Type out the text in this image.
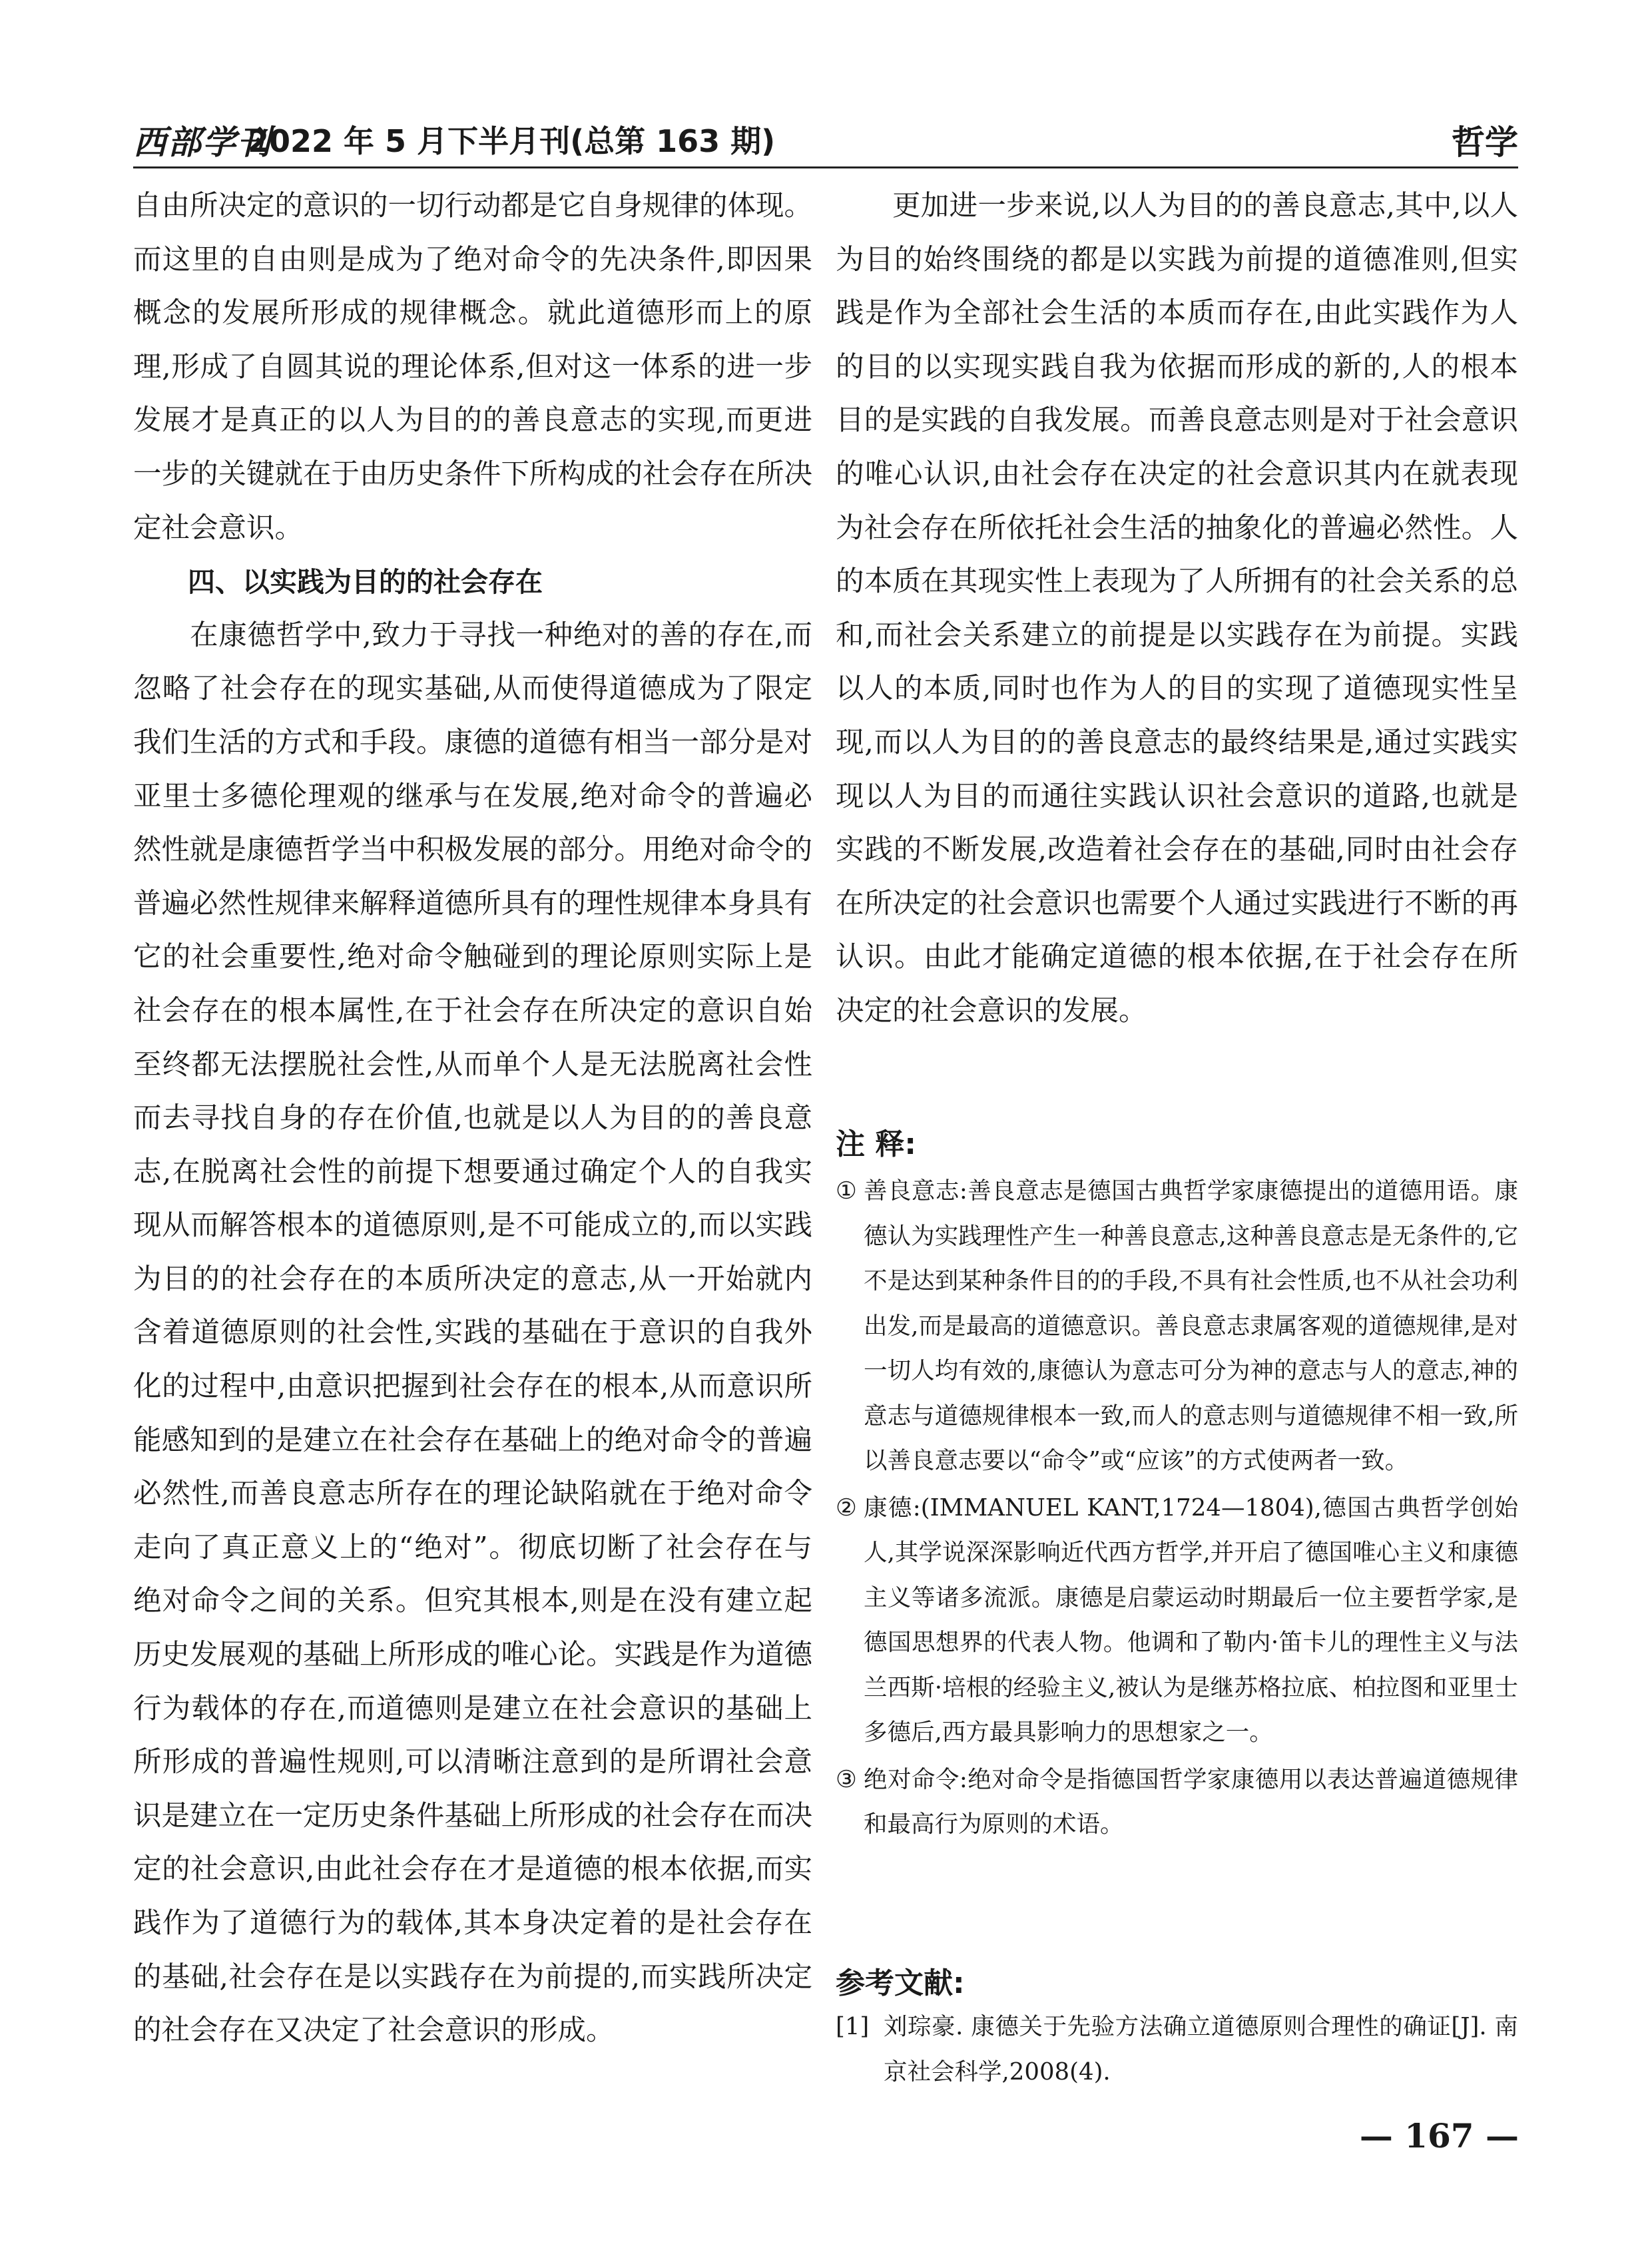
西部学刊
2022 年 5 月下半月刊(总第 163 期)	哲学

自由所决定的意识的一切行动都是它自身规律的体现。而这里的自由则是成为了绝对命令的先决条件,即因果概念的发展所形成的规律概念。就此道德形而上的原理,形成了自圆其说的理论体系,但对这一体系的进一步发展才是真正的以人为目的的善良意志的实现,而更进一步的关键就在于由历史条件下所构成的社会存在所决定社会意识。

四、以实践为目的的社会存在

在康德哲学中,致力于寻找一种绝对的善的存在,而忽略了社会存在的现实基础,从而使得道德成为了限定我们生活的方式和手段。康德的道德有相当一部分是对亚里士多德伦理观的继承与在发展,绝对命令的普遍必然性就是康德哲学当中积极发展的部分。用绝对命令的普遍必然性规律来解释道德所具有的理性规律本身具有它的社会重要性,绝对命令触碰到的理论原则实际上是社会存在的根本属性,在于社会存在所决定的意识自始至终都无法摆脱社会性,从而单个人是无法脱离社会性而去寻找自身的存在价值,也就是以人为目的的善良意志,在脱离社会性的前提下想要通过确定个人的自我实现从而解答根本的道德原则,是不可能成立的,而以实践为目的的社会存在的本质所决定的意志,从一开始就内含着道德原则的社会性,实践的基础在于意识的自我外化的过程中,由意识把握到社会存在的根本,从而意识所能感知到的是建立在社会存在基础上的绝对命令的普遍必然性,而善良意志所存在的理论缺陷就在于绝对命令走向了真正意义上的“绝对”。彻底切断了社会存在与绝对命令之间的关系。但究其根本,则是在没有建立起历史发展观的基础上所形成的唯心论。实践是作为道德行为载体的存在,而道德则是建立在社会意识的基础上所形成的普遍性规则,可以清晰注意到的是所谓社会意识是建立在一定历史条件基础上所形成的社会存在而决定的社会意识,由此社会存在才是道德的根本依据,而实践作为了道德行为的载体,其本身决定着的是社会存在的基础,社会存在是以实践存在为前提的,而实践所决定的社会存在又决定了社会意识的形成。

更加进一步来说,以人为目的的善良意志,其中,以人为目的始终围绕的都是以实践为前提的道德准则,但实践是作为全部社会生活的本质而存在,由此实践作为人的目的以实现实践自我为依据而形成的新的,人的根本目的是实践的自我发展。而善良意志则是对于社会意识的唯心认识,由社会存在决定的社会意识其内在就表现为社会存在所依托社会生活的抽象化的普遍必然性。人的本质在其现实性上表现为了人所拥有的社会关系的总和,而社会关系建立的前提是以实践存在为前提。实践以人的本质,同时也作为人的目的实现了道德现实性呈现,而以人为目的的善良意志的最终结果是,通过实践实现以人为目的而通往实践认识社会意识的道路,也就是实践的不断发展,改造着社会存在的基础,同时由社会存在所决定的社会意识也需要个人通过实践进行不断的再认识。由此才能确定道德的根本依据,在于社会存在所决定的社会意识的发展。

注 释:
① 善良意志:善良意志是德国古典哲学家康德提出的道德用语。康德认为实践理性产生一种善良意志,这种善良意志是无条件的,它不是达到某种条件目的的手段,不具有社会性质,也不从社会功利出发,而是最高的道德意识。善良意志隶属客观的道德规律,是对一切人均有效的,康德认为意志可分为神的意志与人的意志,神的意志与道德规律根本一致,而人的意志则与道德规律不相一致,所以善良意志要以“命令”或“应该”的方式使两者一致。
② 康德:(IMMANUEL KANT,1724—1804),德国古典哲学创始人,其学说深深影响近代西方哲学,并开启了德国唯心主义和康德主义等诸多流派。康德是启蒙运动时期最后一位主要哲学家,是德国思想界的代表人物。他调和了勒内·笛卡儿的理性主义与法兰西斯·培根的经验主义,被认为是继苏格拉底、柏拉图和亚里士多德后,西方最具影响力的思想家之一。
③ 绝对命令:绝对命令是指德国哲学家康德用以表达普遍道德规律和最高行为原则的术语。
参考文献:
[1] 刘琮豪. 康德关于先验方法确立道德原则合理性的确证[J]. 南京社会科学,2008(4).
— 167 —
